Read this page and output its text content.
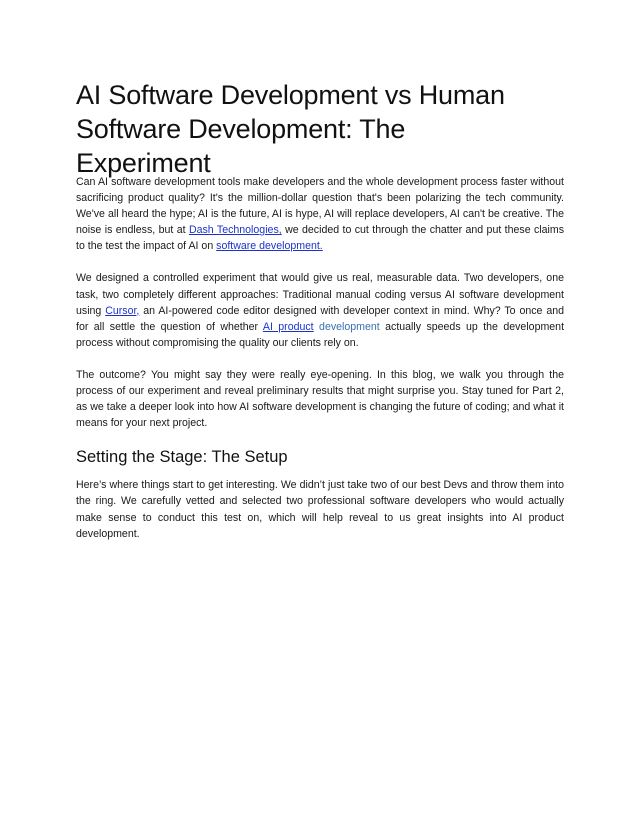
AI Software Development vs Human
Software Development: The
Experiment

Can AI software development tools make developers and the whole development process faster without sacrificing product quality? It's the million-dollar question that's been polarizing the tech community. We've all heard the hype; AI is the future, AI is hype, AI will replace developers, AI can't be creative. The noise is endless, but at Dash Technologies, we decided to cut through the chatter and put these claims to the test the impact of AI on software development.

We designed a controlled experiment that would give us real, measurable data. Two developers, one task, two completely different approaches: Traditional manual coding versus AI software development using Cursor, an AI-powered code editor designed with developer context in mind. Why? To once and for all settle the question of whether AI product development actually speeds up the development process without compromising the quality our clients rely on.

The outcome? You might say they were really eye-opening. In this blog, we walk you through the process of our experiment and reveal preliminary results that might surprise you. Stay tuned for Part 2, as we take a deeper look into how AI software development is changing the future of coding; and what it means for your next project.

Setting the Stage: The Setup

Here’s where things start to get interesting. We didn’t just take two of our best Devs and throw them into the ring. We carefully vetted and selected two professional software developers who would actually make sense to conduct this test on, which will help reveal to us great insights into AI product development.
